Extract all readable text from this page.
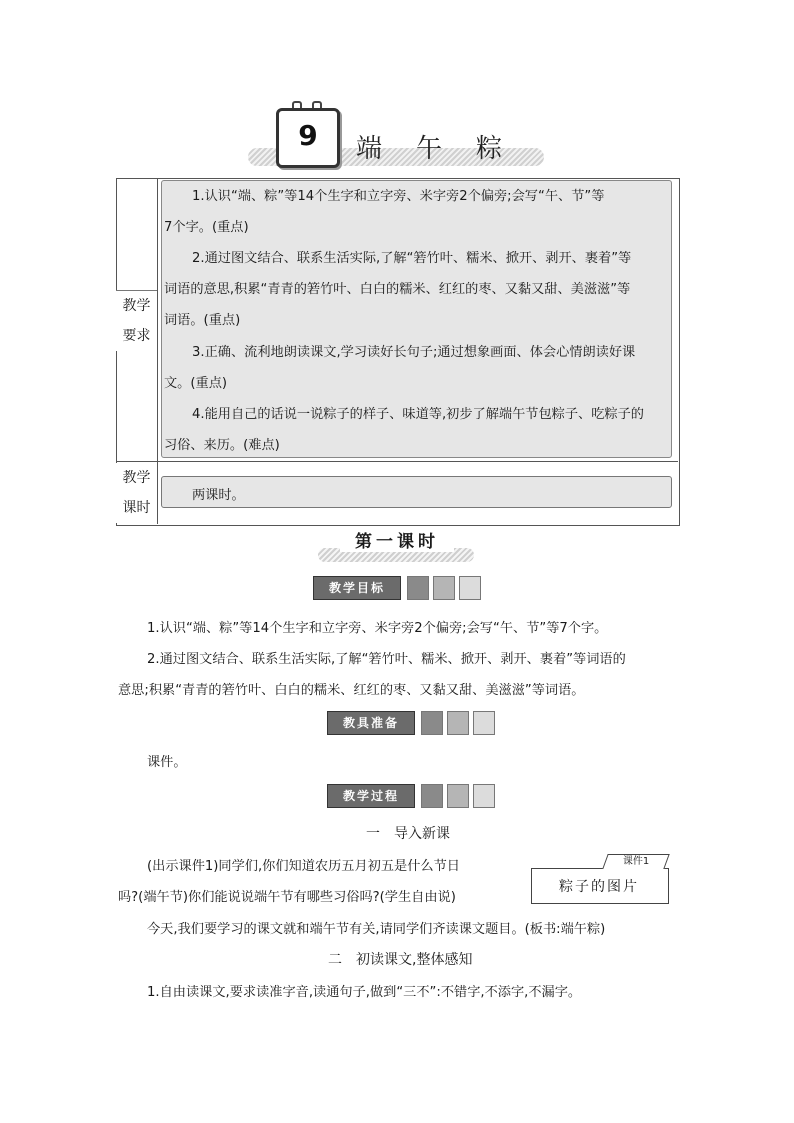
9	端午粽
教学
要求
教学
课时
1.认识“端、粽”等14个生字和立字旁、米字旁2个偏旁;会写“午、节”等
7个字。(重点)
2.通过图文结合、联系生活实际,了解“箬竹叶、糯米、掀开、剥开、裹着”等
词语的意思,积累“青青的箬竹叶、白白的糯米、红红的枣、又黏又甜、美滋滋”等
词语。(重点)
3.正确、流利地朗读课文,学习读好长句子;通过想象画面、体会心情朗读好课
文。(重点)
4.能用自己的话说一说粽子的样子、味道等,初步了解端午节包粽子、吃粽子的
习俗、来历。(难点)
两课时。
第一课时
教学目标
1.认识“端、粽”等14个生字和立字旁、米字旁2个偏旁;会写“午、节”等7个字。
2.通过图文结合、联系生活实际,了解“箬竹叶、糯米、掀开、剥开、裹着”等词语的
意思;积累“青青的箬竹叶、白白的糯米、红红的枣、又黏又甜、美滋滋”等词语。
教具准备
课件。
教学过程
一　导入新课
(出示课件1)同学们,你们知道农历五月初五是什么节日
吗?(端午节)你们能说说端午节有哪些习俗吗?(学生自由说)
今天,我们要学习的课文就和端午节有关,请同学们齐读课文题目。(板书:端午粽)
课件1
粽子的图片
二　初读课文,整体感知
1.自由读课文,要求读准字音,读通句子,做到“三不”:不错字,不添字,不漏字。
